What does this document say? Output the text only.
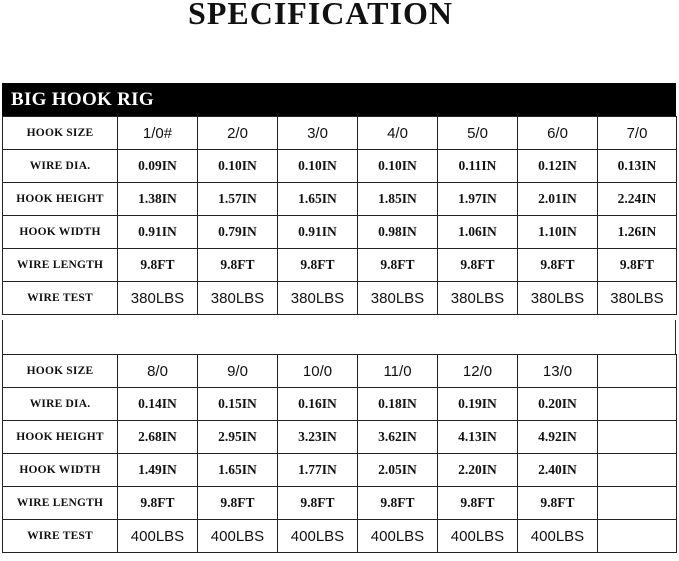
SPECIFICATION
BIG HOOK RIG
HOOK SIZE	1/0#	2/0	3/0	4/0	5/0	6/0	7/0
WIRE DIA.	0.09IN	0.10IN	0.10IN	0.10IN	0.11IN	0.12IN	0.13IN
HOOK HEIGHT	1.38IN	1.57IN	1.65IN	1.85IN	1.97IN	2.01IN	2.24IN
HOOK WIDTH	0.91IN	0.79IN	0.91IN	0.98IN	1.06IN	1.10IN	1.26IN
WIRE LENGTH	9.8FT	9.8FT	9.8FT	9.8FT	9.8FT	9.8FT	9.8FT
WIRE TEST	380LBS	380LBS	380LBS	380LBS	380LBS	380LBS	380LBS
HOOK SIZE	8/0	9/0	10/0	11/0	12/0	13/0	
WIRE DIA.	0.14IN	0.15IN	0.16IN	0.18IN	0.19IN	0.20IN	
HOOK HEIGHT	2.68IN	2.95IN	3.23IN	3.62IN	4.13IN	4.92IN	
HOOK WIDTH	1.49IN	1.65IN	1.77IN	2.05IN	2.20IN	2.40IN	
WIRE LENGTH	9.8FT	9.8FT	9.8FT	9.8FT	9.8FT	9.8FT	
WIRE TEST	400LBS	400LBS	400LBS	400LBS	400LBS	400LBS	
